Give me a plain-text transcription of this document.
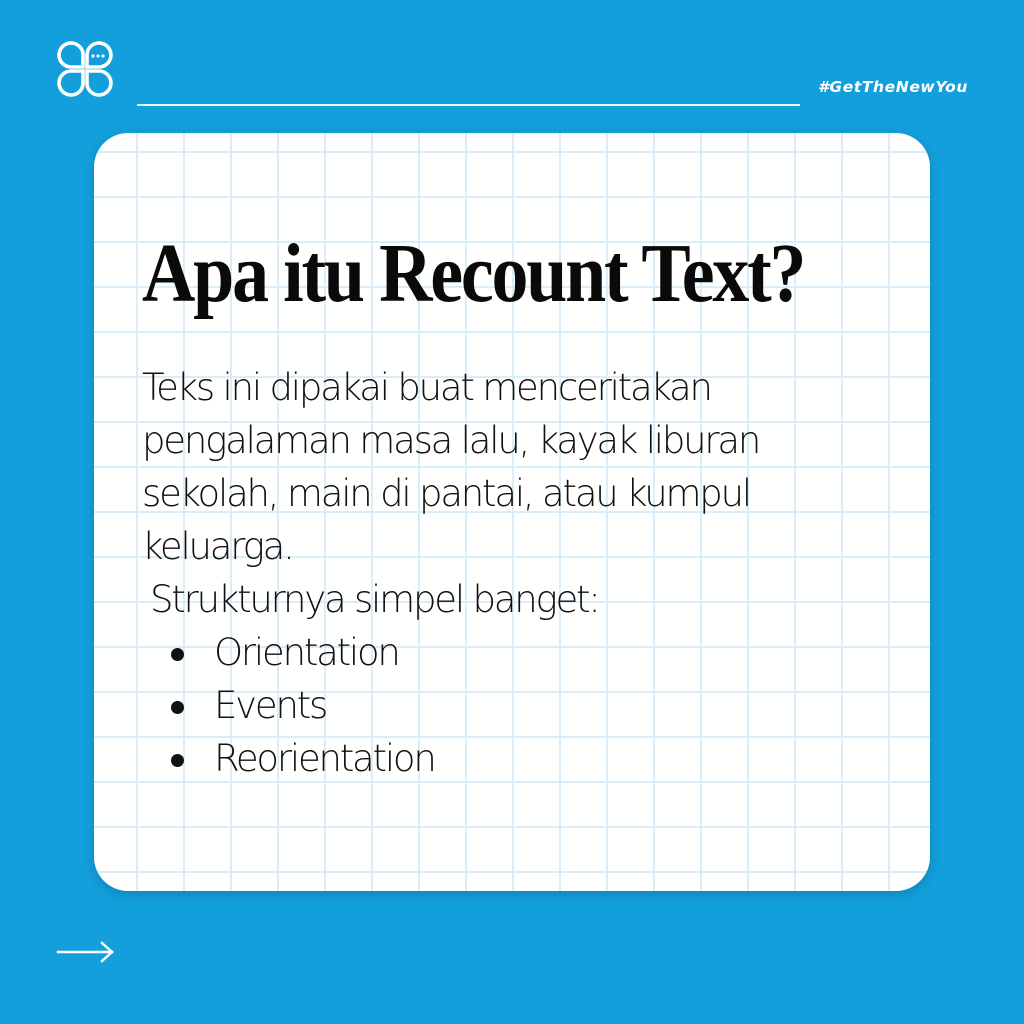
#GetTheNewYou
Apa itu Recount Text?

Teks ini dipakai buat menceritakan

pengalaman masa lalu, kayak liburan

sekolah, main di pantai, atau kumpul

keluarga.

Strukturnya simpel banget:

Orientation
Events
Reorientation
